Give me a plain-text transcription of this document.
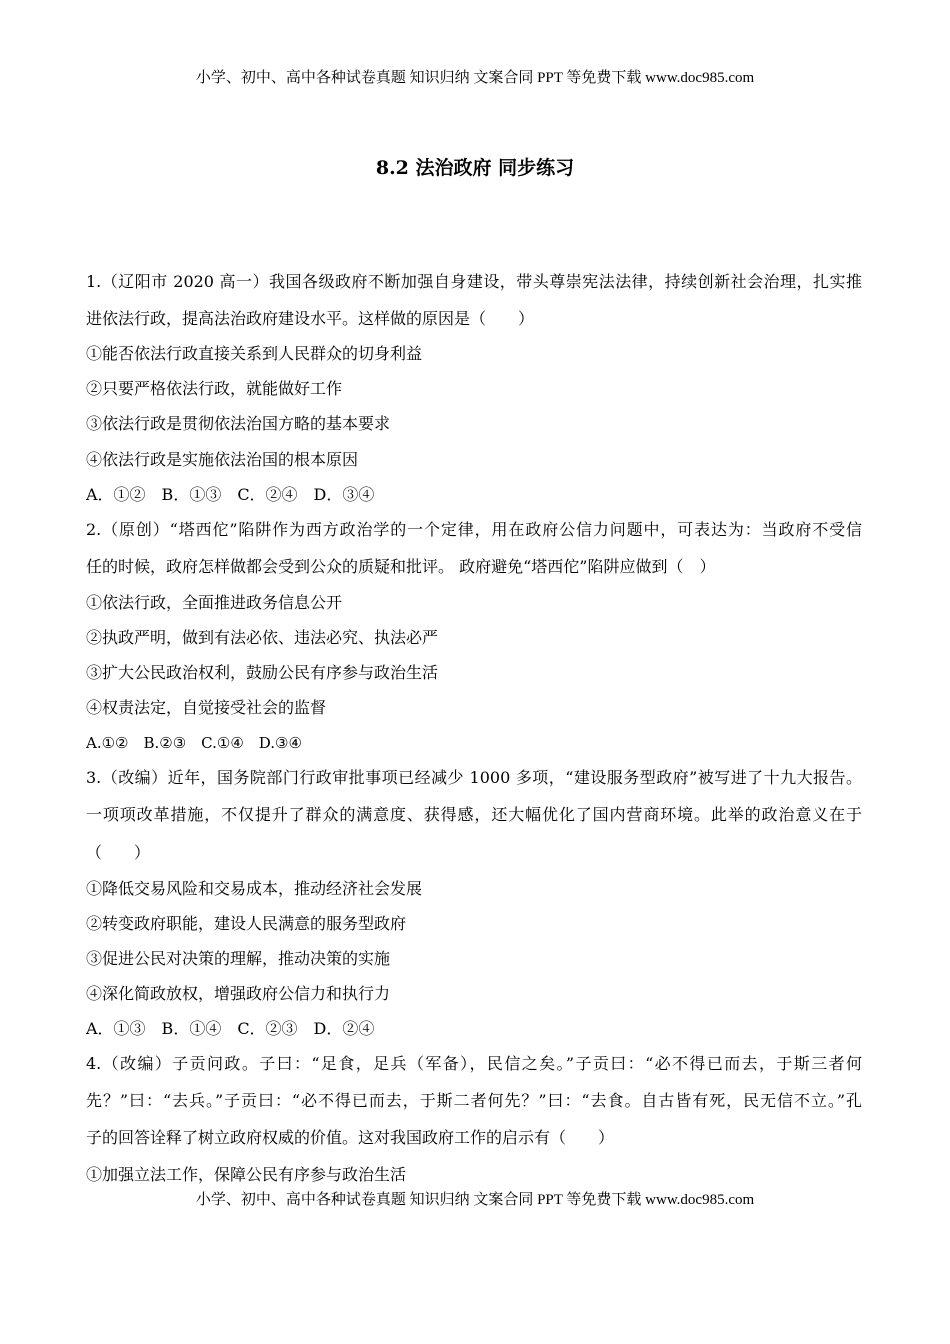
小学、初中、高中各种试卷真题 知识归纳 文案合同 PPT 等免费下载 www.doc985.com
8.2 法治政府 同步练习
1.（辽阳市 2020 高一）我国各级政府不断加强自身建设，带头尊崇宪法法律，持续创新社会治理，扎实推
进依法行政，提高法治政府建设水平。这样做的原因是（　　）
①能否依法行政直接关系到人民群众的切身利益
②只要严格依法行政，就能做好工作
③依法行政是贯彻依法治国方略的基本要求
④依法行政是实施依法治国的根本原因
A．①②　B．①③　C．②④　D．③④
2.（原创）“塔西佗”陷阱作为西方政治学的一个定律，用在政府公信力问题中，可表达为：当政府不受信
任的时候，政府怎样做都会受到公众的质疑和批评。 政府避免“塔西佗”陷阱应做到（　）
①依法行政，全面推进政务信息公开
②执政严明，做到有法必依、违法必究、执法必严
③扩大公民政治权利，鼓励公民有序参与政治生活
④权责法定，自觉接受社会的监督
A.①②　B.②③　C.①④　D.③④
3.（改编）近年，国务院部门行政审批事项已经减少 1000 多项，“建设服务型政府”被写进了十九大报告。
一项项改革措施，不仅提升了群众的满意度、获得感，还大幅优化了国内营商环境。此举的政治意义在于
（　　）
①降低交易风险和交易成本，推动经济社会发展
②转变政府职能，建设人民满意的服务型政府
③促进公民对决策的理解，推动决策的实施
④深化简政放权，增强政府公信力和执行力
A．①③　B．①④　C．②③　D．②④
4.（改编）子贡问政。子曰：“足食，足兵（军备），民信之矣。”子贡曰：“必不得已而去，于斯三者何
先？”曰：“去兵。”子贡曰：“必不得已而去，于斯二者何先？”曰：“去食。自古皆有死，民无信不立。”孔
子的回答诠释了树立政府权威的价值。这对我国政府工作的启示有（　　）
①加强立法工作，保障公民有序参与政治生活
小学、初中、高中各种试卷真题 知识归纳 文案合同 PPT 等免费下载 www.doc985.com
